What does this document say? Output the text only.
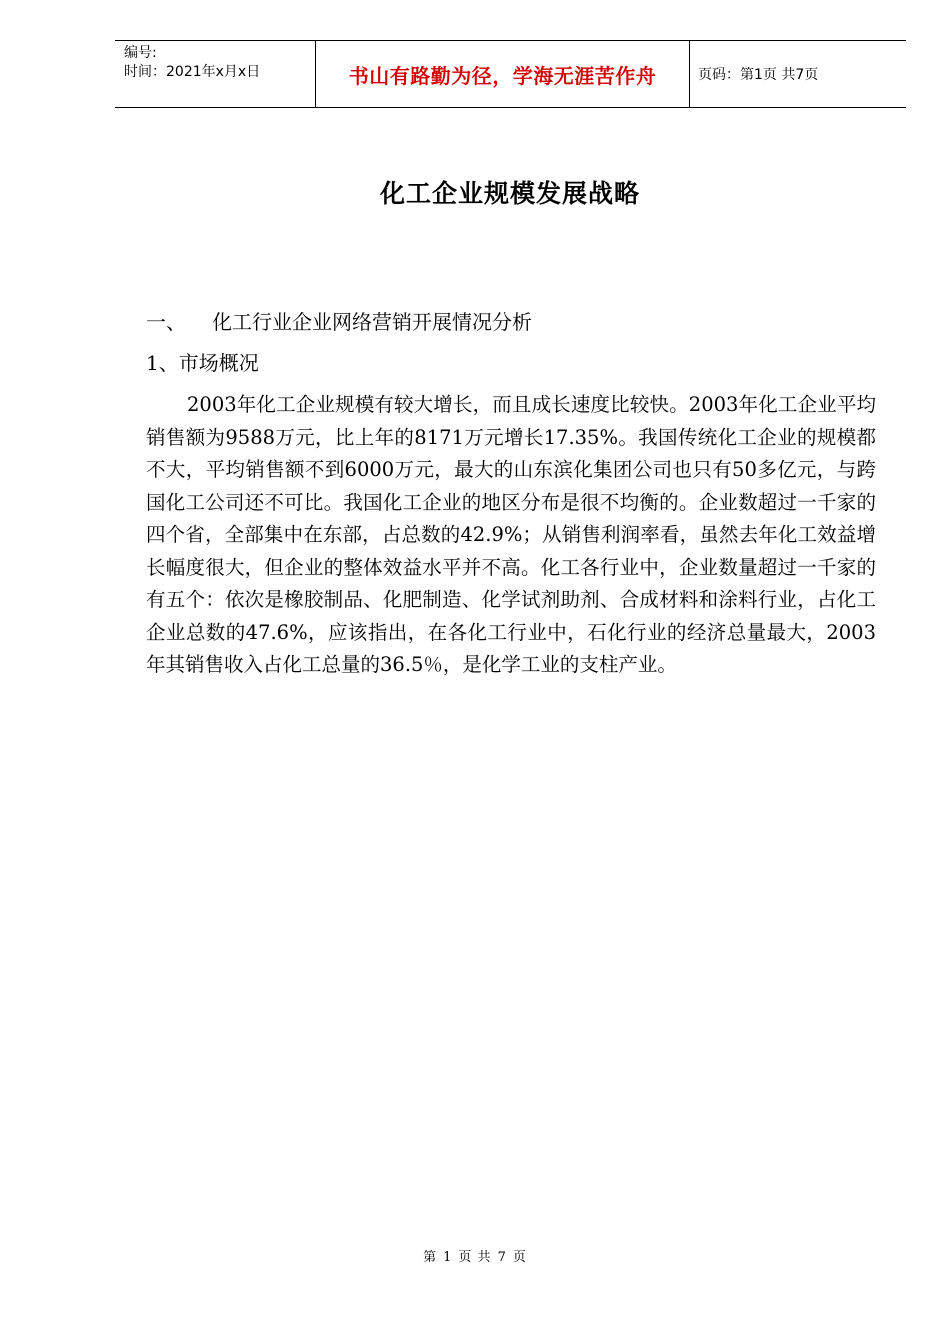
编号:
时间：2021年x月x日	书山有路勤为径，学海无涯苦作舟	页码：第1页 共7页
化工企业规模发展战略
一、 化工行业企业网络营销开展情况分析
1、市场概况

2003年化工企业规模有较大增长，而且成长速度比较快。2003年化工企业平均销售额为9588万元，比上年的8171万元增长17.35%。我国传统化工企业的规模都不大，平均销售额不到6000万元，最大的山东滨化集团公司也只有50多亿元，与跨国化工公司还不可比。我国化工企业的地区分布是很不均衡的。企业数超过一千家的四个省，全部集中在东部，占总数的42.9%；从销售利润率看，虽然去年化工效益增长幅度很大，但企业的整体效益水平并不高。化工各行业中，企业数量超过一千家的有五个：依次是橡胶制品、化肥制造、化学试剂助剂、合成材料和涂料行业，占化工企业总数的47.6%，应该指出，在各化工行业中，石化行业的经济总量最大，2003年其销售收入占化工总量的36.5％，是化学工业的支柱产业。

第 1 页 共 7 页
